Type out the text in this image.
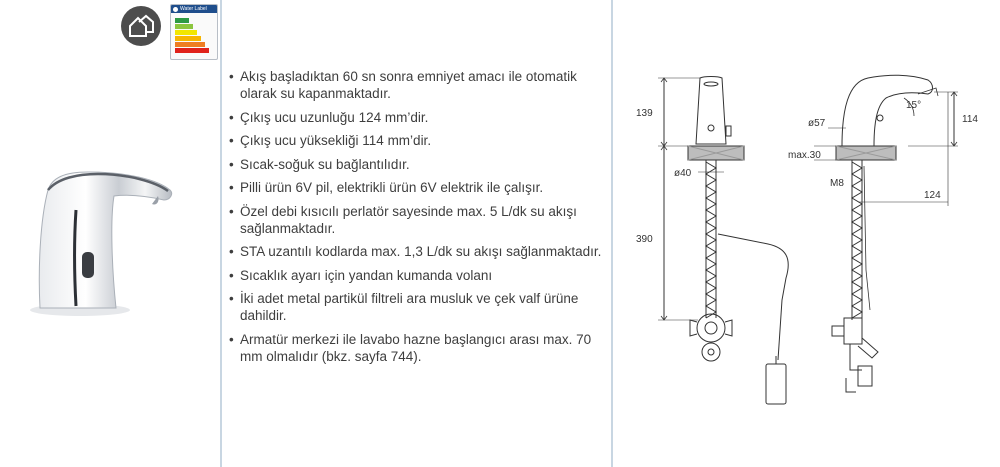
Water Label
• Akış başladıktan 60 sn sonra emniyet amacı ile otomatik olarak su kapanmaktadır.
• Çıkış ucu uzunluğu 124 mm’dir.
• Çıkış ucu yüksekliği 114 mm’dir.
• Sıcak-soğuk su bağlantılıdır.
• Pilli ürün 6V pil, elektrikli ürün 6V elektrik ile çalışır.
• Özel debi kısıcılı perlatör sayesinde max. 5 L/dk su akışı sağlanmaktadır.
• STA uzantılı kodlarda max. 1,3 L/dk su akışı sağlanmaktadır.
• Sıcaklık ayarı için yandan kumanda volanı
• İki adet metal partikül filtreli ara musluk ve çek valf ürüne dahildir.
• Armatür merkezi ile lavabo hazne başlangıcı arası max. 70 mm olmalıdır (bkz. sayfa 744).
139
390
ø40
ø57
max.30
M8
15°
114
124
